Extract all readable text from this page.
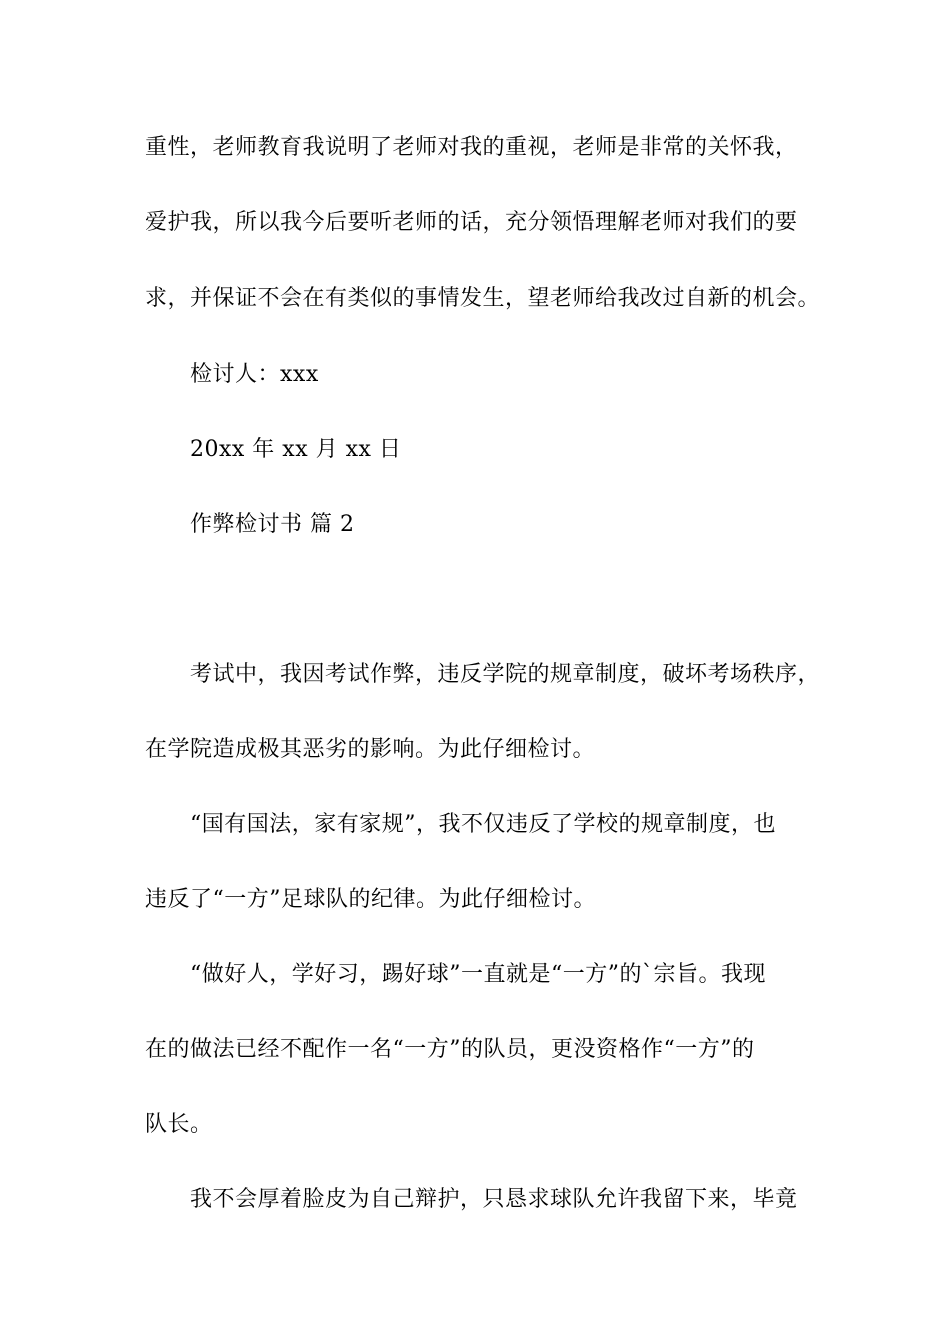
重性，老师教育我说明了老师对我的重视，老师是非常的关怀我，
爱护我，所以我今后要听老师的话，充分领悟理解老师对我们的要
求，并保证不会在有类似的事情发生，望老师给我改过自新的机会。
检讨人：xxx
20xx 年 xx 月 xx 日
作弊检讨书 篇 2
考试中，我因考试作弊，违反学院的规章制度，破坏考场秩序，
在学院造成极其恶劣的影响。为此仔细检讨。
“国有国法，家有家规”，我不仅违反了学校的规章制度，也
违反了“一方”足球队的纪律。为此仔细检讨。
“做好人，学好习，踢好球”一直就是“一方”的`宗旨。我现
在的做法已经不配作一名“一方”的队员，更没资格作“一方”的
队长。
我不会厚着脸皮为自己辩护，只恳求球队允许我留下来，毕竟
